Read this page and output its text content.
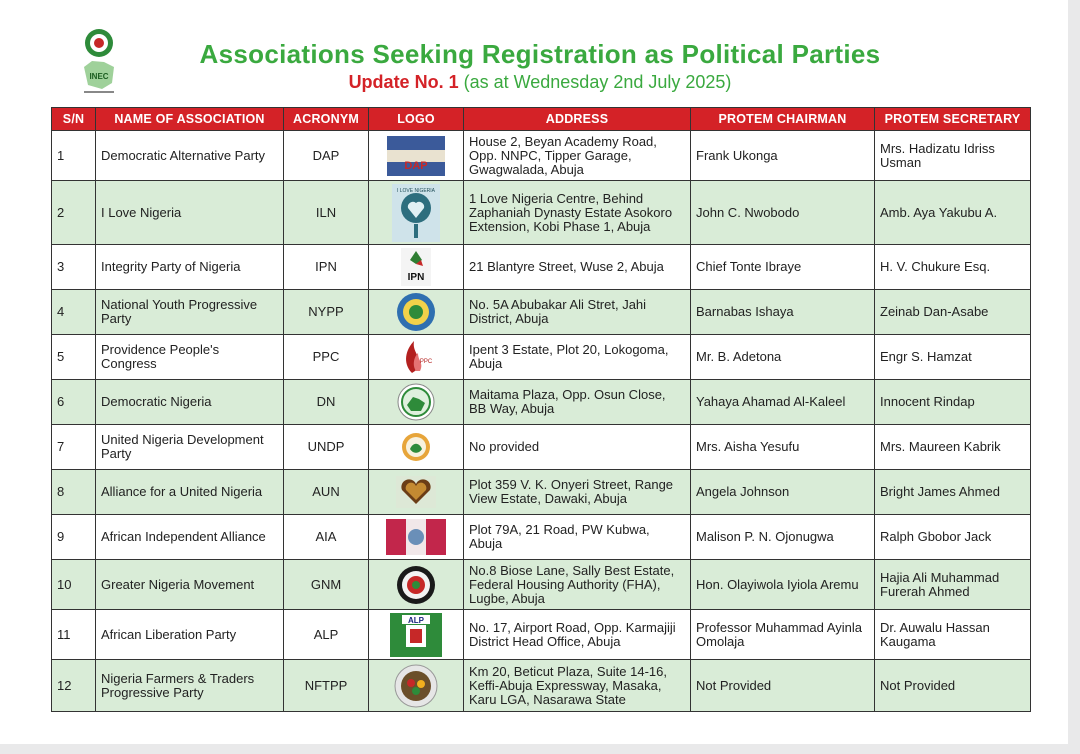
INEC
Associations Seeking Registration as Political Parties
Update No. 1 (as at Wednesday 2nd July 2025)
S/N	NAME OF ASSOCIATION	ACRONYM	LOGO	ADDRESS	PROTEM CHAIRMAN	PROTEM SECRETARY
1	Democratic Alternative Party	DAP	DAP	House 2, Beyan Academy Road, Opp. NNPC, Tipper Garage, Gwagwalada, Abuja	Frank Ukonga	Mrs. Hadizatu Idriss Usman
2	I Love Nigeria	ILN	I LOVE NIGERIA	1 Love Nigeria Centre, Behind Zaphaniah Dynasty Estate Asokoro Extension, Kobi Phase 1, Abuja	John C. Nwobodo	Amb. Aya Yakubu A.
3	Integrity Party of Nigeria	IPN	IPN	21 Blantyre Street, Wuse 2, Abuja	Chief Tonte Ibraye	H. V. Chukure Esq.
4	National Youth Progressive Party	NYPP		No. 5A Abubakar Ali Stret, Jahi District, Abuja	Barnabas Ishaya	Zeinab Dan-Asabe
5	Providence People's Congress	PPC	PPC	Ipent 3 Estate, Plot 20, Lokogoma, Abuja	Mr. B. Adetona	Engr S. Hamzat
6	Democratic Nigeria	DN		Maitama Plaza, Opp. Osun Close, BB Way, Abuja	Yahaya Ahamad Al-Kaleel	Innocent Rindap
7	United Nigeria Development Party	UNDP		No provided	Mrs. Aisha Yesufu	Mrs. Maureen Kabrik
8	Alliance for a United Nigeria	AUN		Plot 359 V. K. Onyeri Street, Range View Estate, Dawaki, Abuja	Angela Johnson	Bright James Ahmed
9	African Independent Alliance	AIA		Plot 79A, 21 Road, PW Kubwa, Abuja	Malison P. N. Ojonugwa	Ralph Gbobor Jack
10	Greater Nigeria Movement	GNM		No.8 Biose Lane, Sally Best Estate, Federal Housing Authority (FHA), Lugbe, Abuja	Hon. Olayiwola Iyiola Aremu	Hajia Ali Muhammad Furerah Ahmed
11	African Liberation Party	ALP	ALP	No. 17, Airport Road, Opp. Karmajiji District Head Office, Abuja	Professor Muhammad Ayinla Omolaja	Dr. Auwalu Hassan Kaugama
12	Nigeria Farmers & Traders Progressive Party	NFTPP		Km 20, Beticut Plaza, Suite 14-16, Keffi-Abuja Expressway, Masaka, Karu LGA, Nasarawa State	Not Provided	Not Provided
